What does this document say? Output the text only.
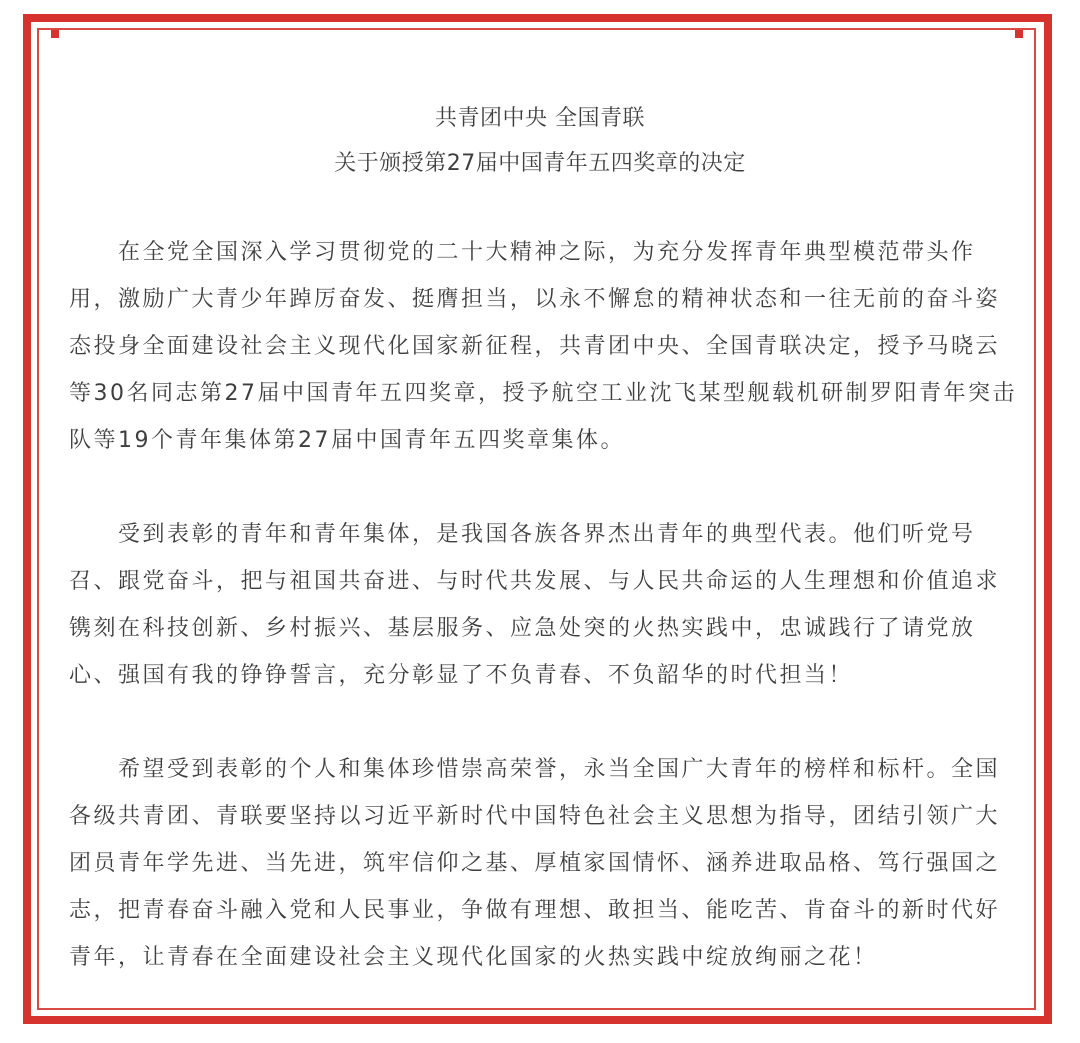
共青团中央 全国青联
关于颁授第27届中国青年五四奖章的决定
在全党全国深入学习贯彻党的二十大精神之际，为充分发挥青年典型模范带头作
用，激励广大青少年踔厉奋发、挺膺担当，以永不懈怠的精神状态和一往无前的奋斗姿
态投身全面建设社会主义现代化国家新征程，共青团中央、全国青联决定，授予马晓云
等30名同志第27届中国青年五四奖章，授予航空工业沈飞某型舰载机研制罗阳青年突击
队等19个青年集体第27届中国青年五四奖章集体。
受到表彰的青年和青年集体，是我国各族各界杰出青年的典型代表。他们听党号
召、跟党奋斗，把与祖国共奋进、与时代共发展、与人民共命运的人生理想和价值追求
镌刻在科技创新、乡村振兴、基层服务、应急处突的火热实践中，忠诚践行了请党放
心、强国有我的铮铮誓言，充分彰显了不负青春、不负韶华的时代担当！
希望受到表彰的个人和集体珍惜崇高荣誉，永当全国广大青年的榜样和标杆。全国
各级共青团、青联要坚持以习近平新时代中国特色社会主义思想为指导，团结引领广大
团员青年学先进、当先进，筑牢信仰之基、厚植家国情怀、涵养进取品格、笃行强国之
志，把青春奋斗融入党和人民事业，争做有理想、敢担当、能吃苦、肯奋斗的新时代好
青年，让青春在全面建设社会主义现代化国家的火热实践中绽放绚丽之花！
